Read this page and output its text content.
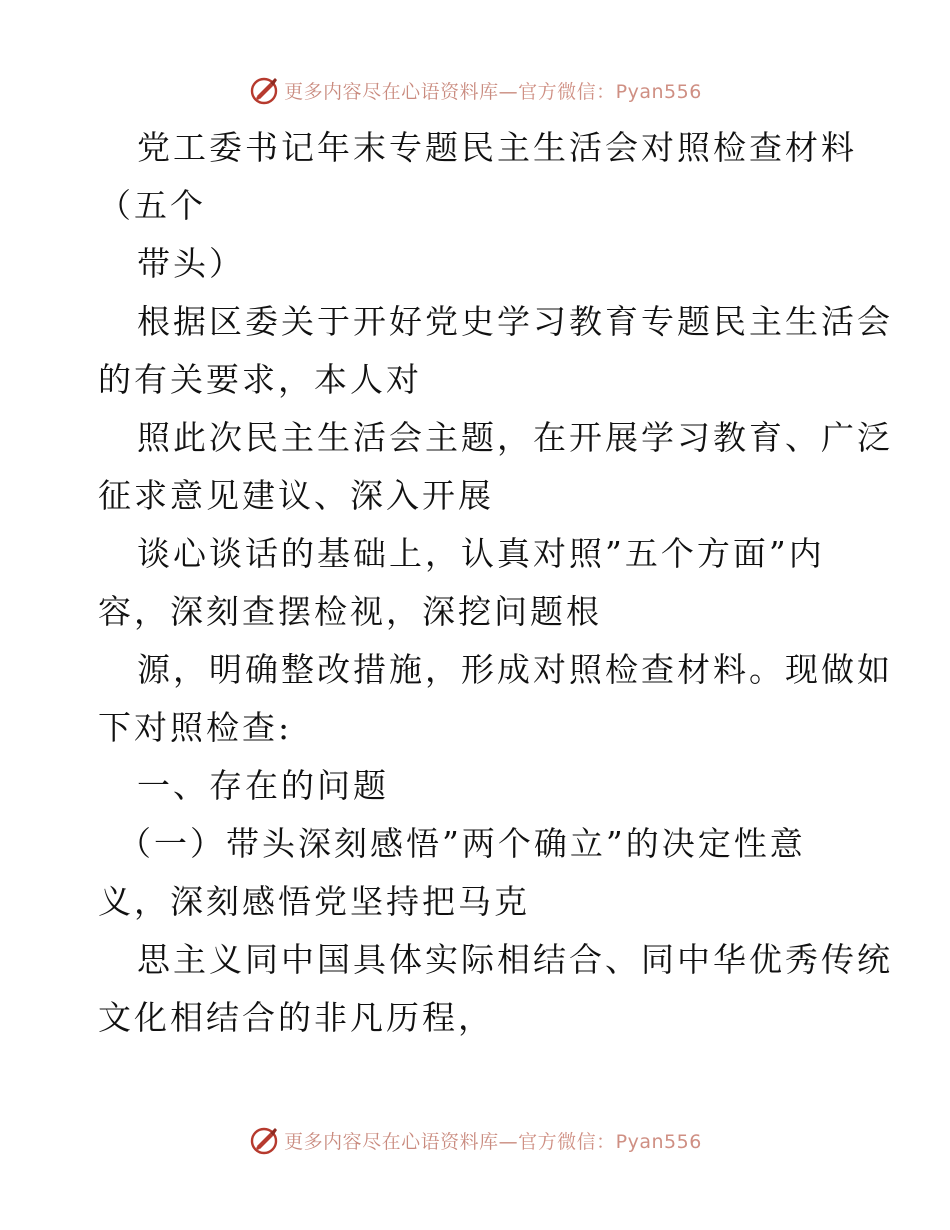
更多内容尽在心语资料库—官方微信：Pyan556
党工委书记年末专题民主生活会对照检查材料
（五个
带头）
根据区委关于开好党史学习教育专题民主生活会
的有关要求，本人对
照此次民主生活会主题，在开展学习教育、广泛
征求意见建议、深入开展
谈心谈话的基础上，认真对照”五个方面”内
容，深刻查摆检视，深挖问题根
源，明确整改措施，形成对照检查材料。现做如
下对照检查:
一、存在的问题
（一）带头深刻感悟”两个确立”的决定性意
义，深刻感悟党坚持把马克
思主义同中国具体实际相结合、同中华优秀传统
文化相结合的非凡历程，
更多内容尽在心语资料库—官方微信：Pyan556
